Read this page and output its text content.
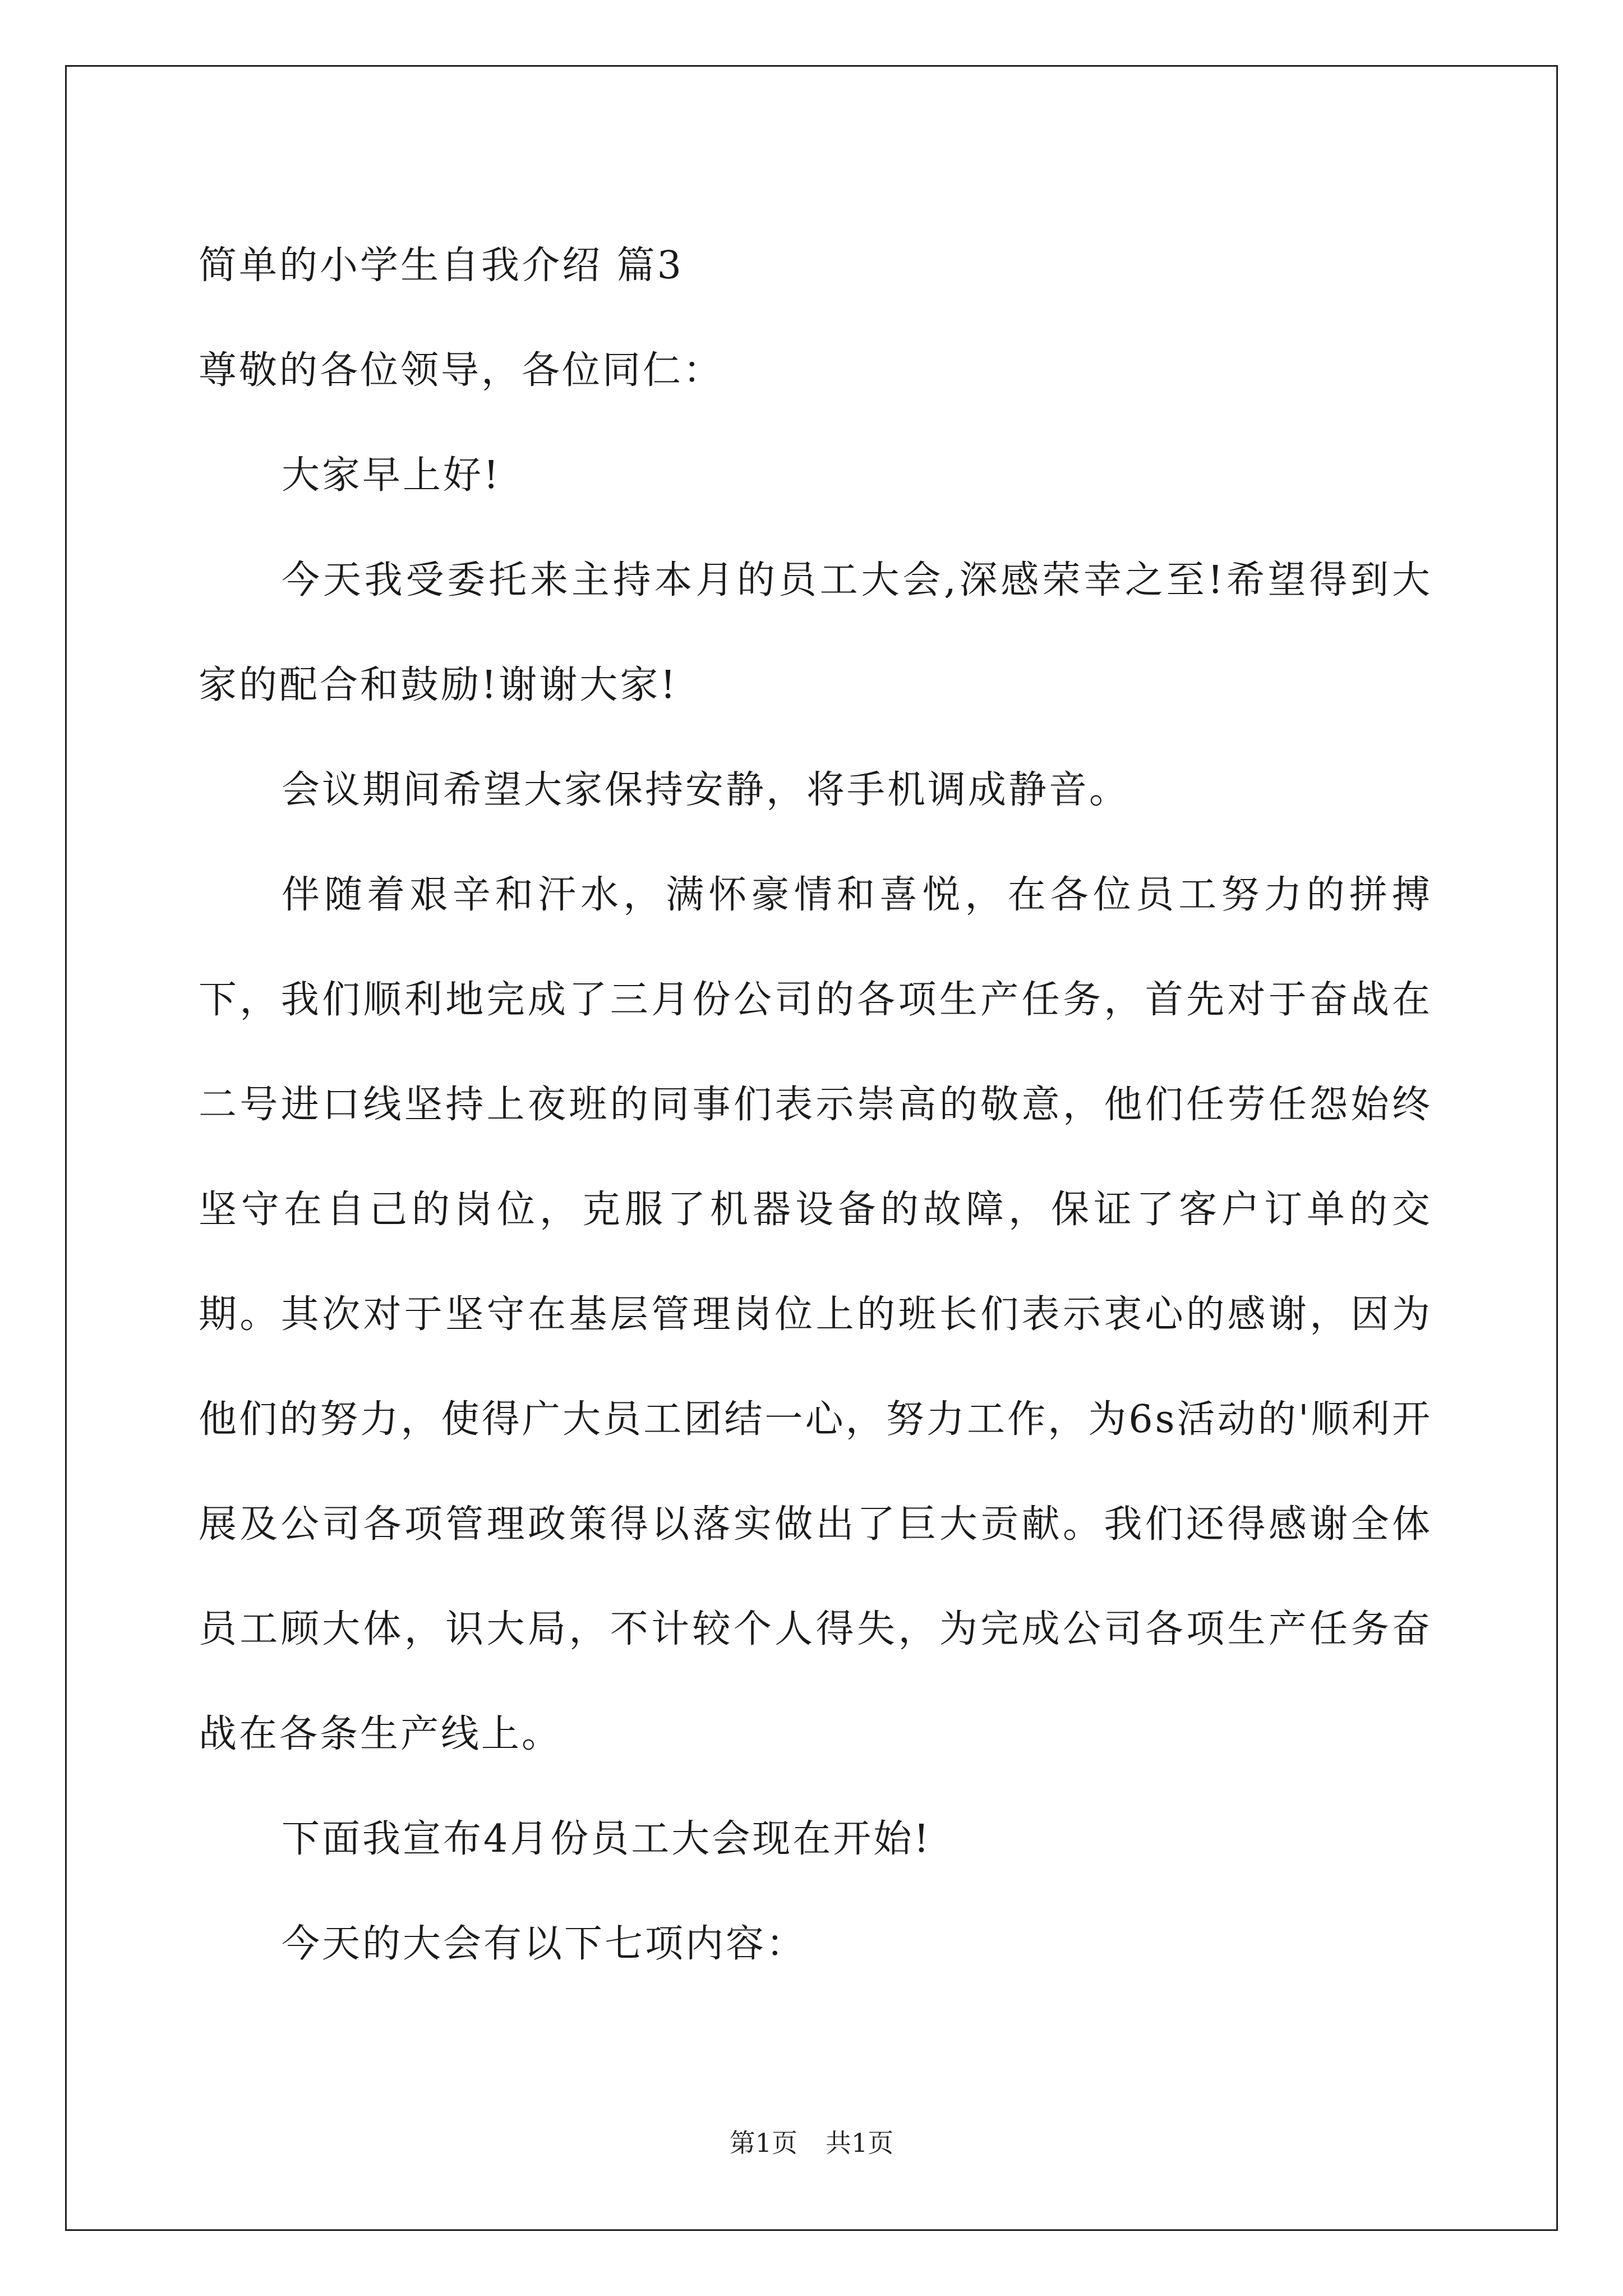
简单的小学生自我介绍 篇3

尊敬的各位领导，各位同仁：

大家早上好!

今天我受委托来主持本月的员工大会,深感荣幸之至!希望得到大家的配合和鼓励!谢谢大家!

会议期间希望大家保持安静，将手机调成静音。

伴随着艰辛和汗水，满怀豪情和喜悦，在各位员工努力的拼搏下，我们顺利地完成了三月份公司的各项生产任务，首先对于奋战在二号进口线坚持上夜班的同事们表示崇高的敬意，他们任劳任怨始终坚守在自己的岗位，克服了机器设备的故障，保证了客户订单的交期。其次对于坚守在基层管理岗位上的班长们表示衷心的感谢，因为他们的努力，使得广大员工团结一心，努力工作，为6s活动的'顺利开展及公司各项管理政策得以落实做出了巨大贡献。我们还得感谢全体员工顾大体，识大局，不计较个人得失，为完成公司各项生产任务奋战在各条生产线上。

下面我宣布4月份员工大会现在开始!

今天的大会有以下七项内容：

第1页 共1页
